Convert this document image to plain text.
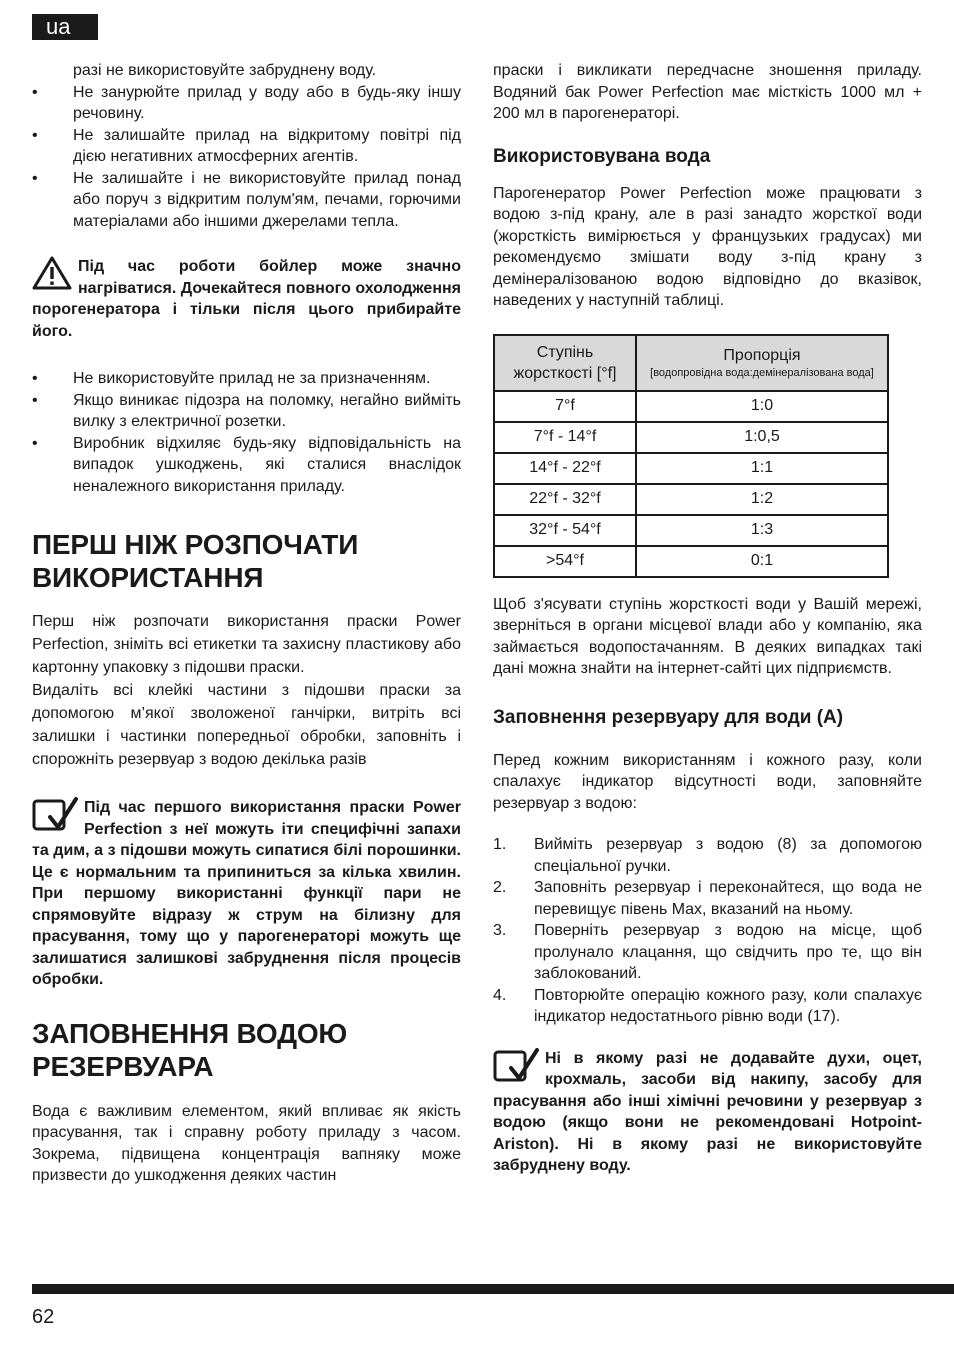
ua

разі не використовуйте забруднену воду.

• Не занурюйте прилад у воду або в будь-яку іншу речовину.
• Не залишайте прилад на відкритому повітрі під дією негативних атмосферних агентів.
• Не залишайте і не використовуйте прилад понад або поруч з відкритим полум'ям, печами, горючими матеріалами або іншими джерелами тепла.

Під час роботи бойлер може значно нагріватися. Дочекайтеся повного охолодження порогенератора і тільки після цього прибирайте його.

• Не використовуйте прилад не за призначенням.
• Якщо виникає підозра на поломку, негайно вийміть вилку з електричної розетки.
• Виробник відхиляє будь-яку відповідальність на випадок ушкоджень, які сталися внаслідок неналежного використання приладу.
ПЕРШ НІЖ РОЗПОЧАТИ ВИКОРИСТАННЯ

Перш ніж розпочати використання праски Power Perfection, зніміть всі етикетки та захисну пластикову або картонну упаковку з підошви праски.

Видаліть всі клейкі частини з підошви праски за допомогою м’якої зволоженої ганчірки, витріть всі залишки і частинки попередньої обробки, заповніть і спорожніть резервуар з водою декілька разів

Під час першого використання праски Power Perfection з неї можуть іти специфічні запахи та дим, а з підошви можуть сипатися білі порошинки. Це є нормальним та припиниться за кілька хвилин. При першому використанні функції пари не спрямовуйте відразу ж струм на білизну для прасування, тому що у парогенераторі можуть ще залишатися залишкові забруднення після процесів обробки.

ЗАПОВНЕННЯ ВОДОЮ РЕЗЕРВУАРА

Вода є важливим елементом, який впливає як якість прасування, так і справну роботу приладу з часом. Зокрема, підвищена концентрація вапняку може призвести до ушкодження деяких частин

праски і викликати передчасне зношення приладу. Водяний бак Power Perfection має місткість 1000 мл + 200 мл в парогенераторі.

Використовувана вода

Парогенератор Power Perfection може працювати з водою з-під крану, але в разі занадто жорсткої води (жорсткість вимірюється у французьких градусах) ми рекомендуємо змішати воду з-під крану з демінералізованою водою відповідно до вказівок, наведених у наступній таблиці.

Ступінь жорсткості [°f]	Пропорція
[водопровідна вода:демінералізована вода]

7°f	1:0
7°f - 14°f	1:0,5
14°f - 22°f	1:1
22°f - 32°f	1:2
32°f - 54°f	1:3
>54°f	0:1

Щоб з'ясувати ступінь жорсткості води у Вашій мережі, зверніться в органи місцевої влади або у компанію, яка займається водопостачанням. В деяких випадках такі дані можна знайти на інтернет-сайті цих підприємств.

Заповнення резервуару для води (A)

Перед кожним використанням і кожного разу, коли спалахує індикатор відсутності води, заповняйте резервуар з водою:

1. Вийміть резервуар з водою (8) за допомогою спеціальної ручки.
2. Заповніть резервуар і переконайтеся, що вода не перевищує півень Max, вказаний на ньому.
3. Поверніть резервуар з водою на місце, щоб пролунало клацання, що свідчить про те, що він заблокований.
4. Повторюйте операцію кожного разу, коли спалахує індикатор недостатнього рівню води (17).

Ні в якому разі не додавайте духи, оцет, крохмаль, засоби від накипу, засобу для прасування або інші хімічні речовини у резервуар з водою (якщо вони не рекомендовані Hotpoint- Ariston). Ні в якому разі не використовуйте забруднену воду.

62
